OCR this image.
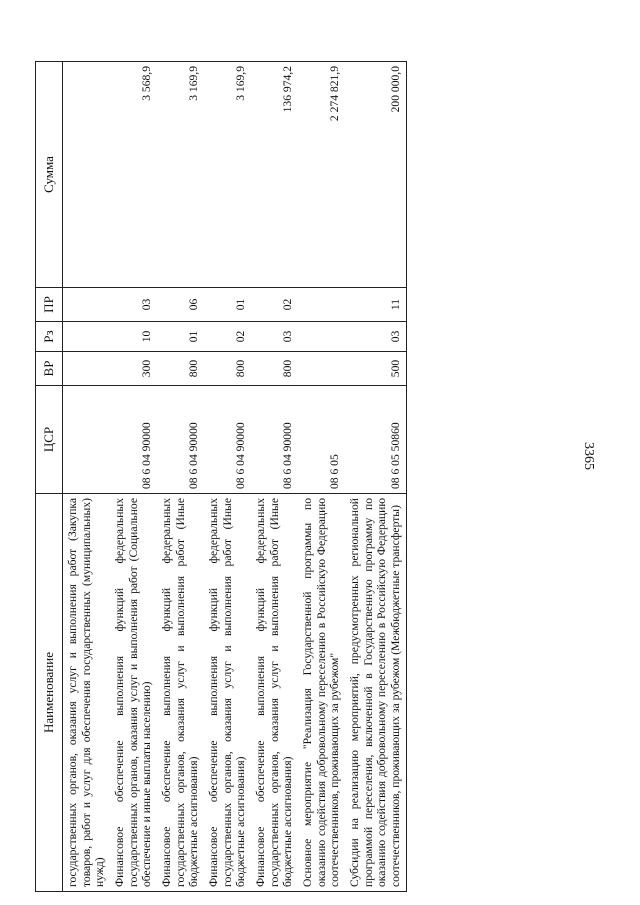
3365
Наименование	ЦСР	ВР	Рз	ПР	Сумма
государственных органов, оказания услуг и выполнения работ (Закупка товаров, работ и услуг для обеспечения государственных (муниципальных) нужд)					
Финансовое обеспечение выполнения функций федеральных государственных органов, оказания услуг и выполнения работ (Социальное обеспечение и иные выплаты населению)	08 6 04 90000	300	10	03	3 568,9
Финансовое обеспечение выполнения функций федеральных государственных органов, оказания услуг и выполнения работ (Иные бюджетные ассигнования)	08 6 04 90000	800	01	06	3 169,9
Финансовое обеспечение выполнения функций федеральных государственных органов, оказания услуг и выполнения работ (Иные бюджетные ассигнования)	08 6 04 90000	800	02	01	3 169,9
Финансовое обеспечение выполнения функций федеральных государственных органов, оказания услуг и выполнения работ (Иные бюджетные ассигнования)	08 6 04 90000	800	03	02	136 974,2
Основное мероприятие "Реализация Государственной программы по оказанию содействия добровольному переселению в Российскую Федерацию соотечественников, проживающих за рубежом"	08 6 05				2 274 821,9
Субсидии на реализацию мероприятий, предусмотренных региональной программой переселения, включенной в Государственную программу по оказанию содействия добровольному переселению в Российскую Федерацию соотечественников, проживающих за рубежом (Межбюджетные трансферты)	08 6 05 50860	500	03	11	200 000,0
